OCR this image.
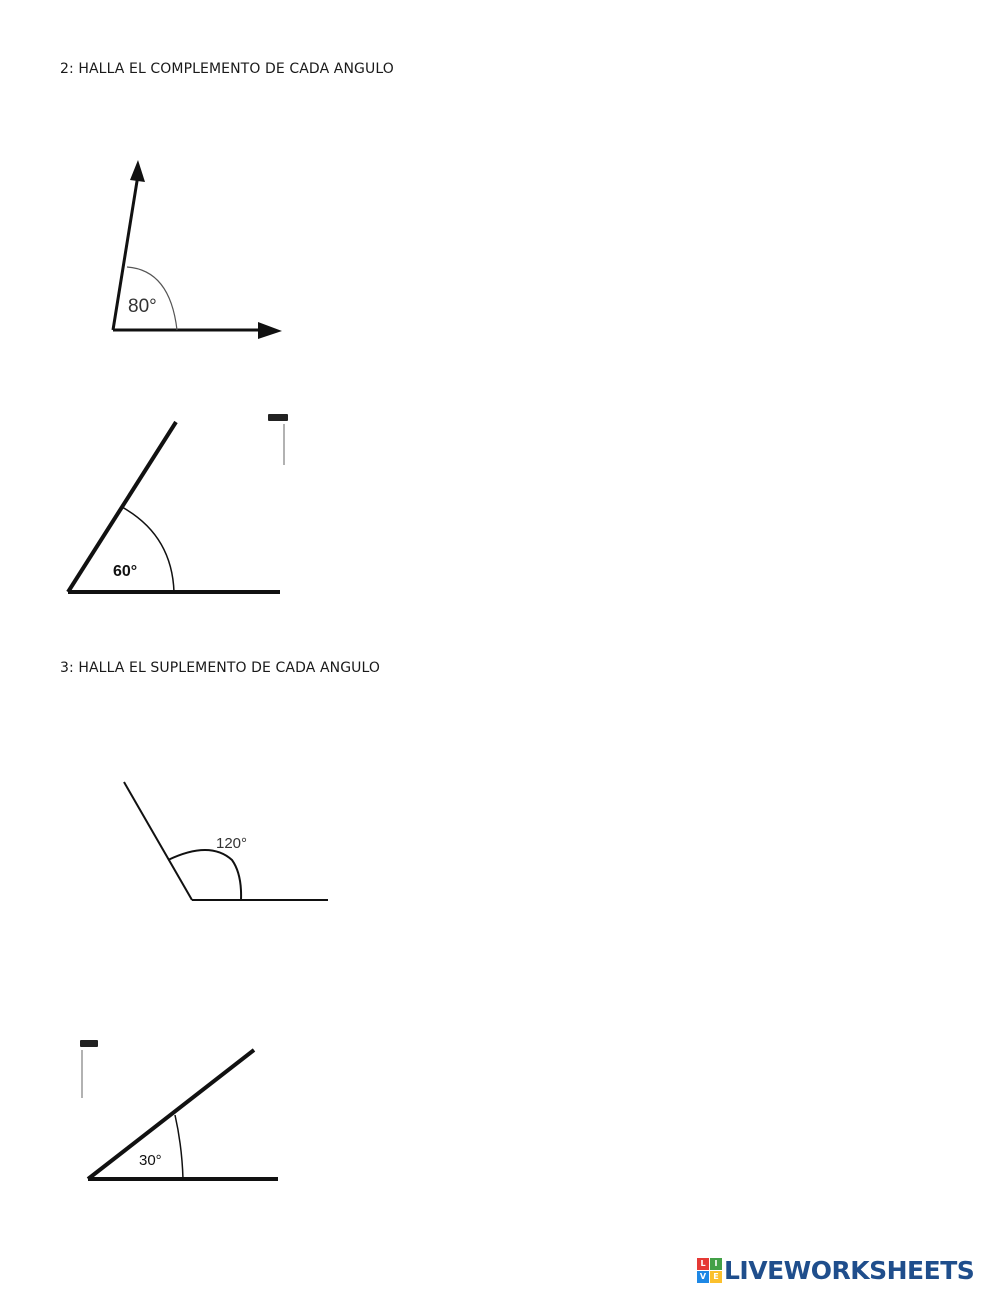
2: HALLA EL COMPLEMENTO DE CADA ANGULO
80°
60°
3: HALLA EL SUPLEMENTO DE CADA ANGULO
120°
30°
L	I
V E LIVEWORKSHEETS
